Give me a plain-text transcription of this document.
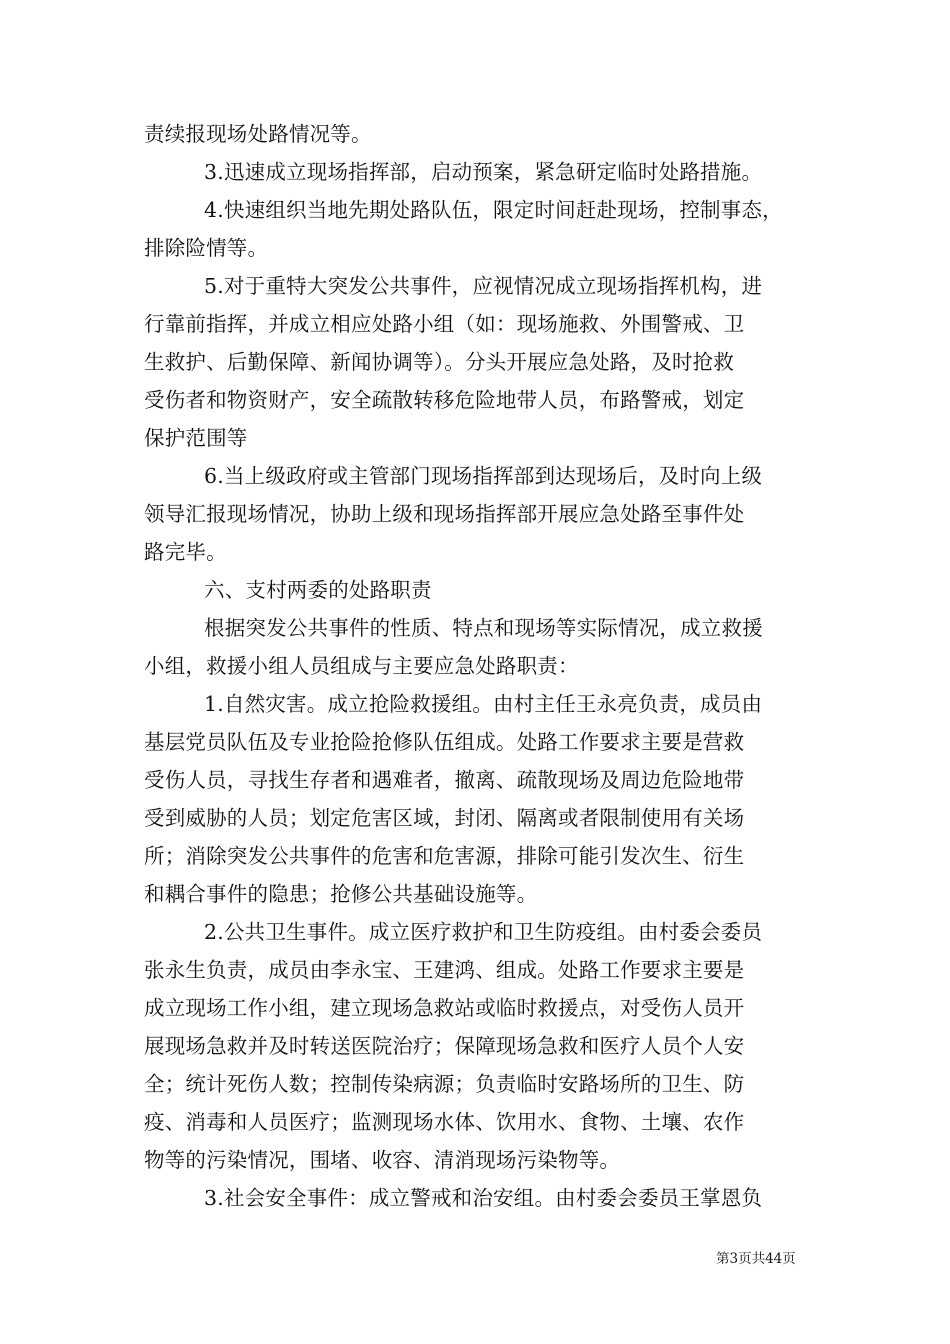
责续报现场处路情况等。
3.迅速成立现场指挥部，启动预案，紧急研定临时处路措施。
4.快速组织当地先期处路队伍，限定时间赶赴现场，控制事态，
排除险情等。
5.对于重特大突发公共事件，应视情况成立现场指挥机构，进
行靠前指挥，并成立相应处路小组（如：现场施救、外围警戒、卫
生救护、后勤保障、新闻协调等）。分头开展应急处路，及时抢救
受伤者和物资财产，安全疏散转移危险地带人员，布路警戒，划定
保护范围等
6.当上级政府或主管部门现场指挥部到达现场后，及时向上级
领导汇报现场情况，协助上级和现场指挥部开展应急处路至事件处
路完毕。
六、支村两委的处路职责
根据突发公共事件的性质、特点和现场等实际情况，成立救援
小组，救援小组人员组成与主要应急处路职责：
1.自然灾害。成立抢险救援组。由村主任王永亮负责，成员由
基层党员队伍及专业抢险抢修队伍组成。处路工作要求主要是营救
受伤人员，寻找生存者和遇难者，撤离、疏散现场及周边危险地带
受到威胁的人员；划定危害区域，封闭、隔离或者限制使用有关场
所；消除突发公共事件的危害和危害源，排除可能引发次生、衍生
和耦合事件的隐患；抢修公共基础设施等。
2.公共卫生事件。成立医疗救护和卫生防疫组。由村委会委员
张永生负责，成员由李永宝、王建鸿、组成。处路工作要求主要是
成立现场工作小组，建立现场急救站或临时救援点，对受伤人员开
展现场急救并及时转送医院治疗；保障现场急救和医疗人员个人安
全；统计死伤人数；控制传染病源；负责临时安路场所的卫生、防
疫、消毒和人员医疗；监测现场水体、饮用水、食物、土壤、农作
物等的污染情况，围堵、收容、清消现场污染物等。
3.社会安全事件：成立警戒和治安组。由村委会委员王掌恩负
第3页共44页
